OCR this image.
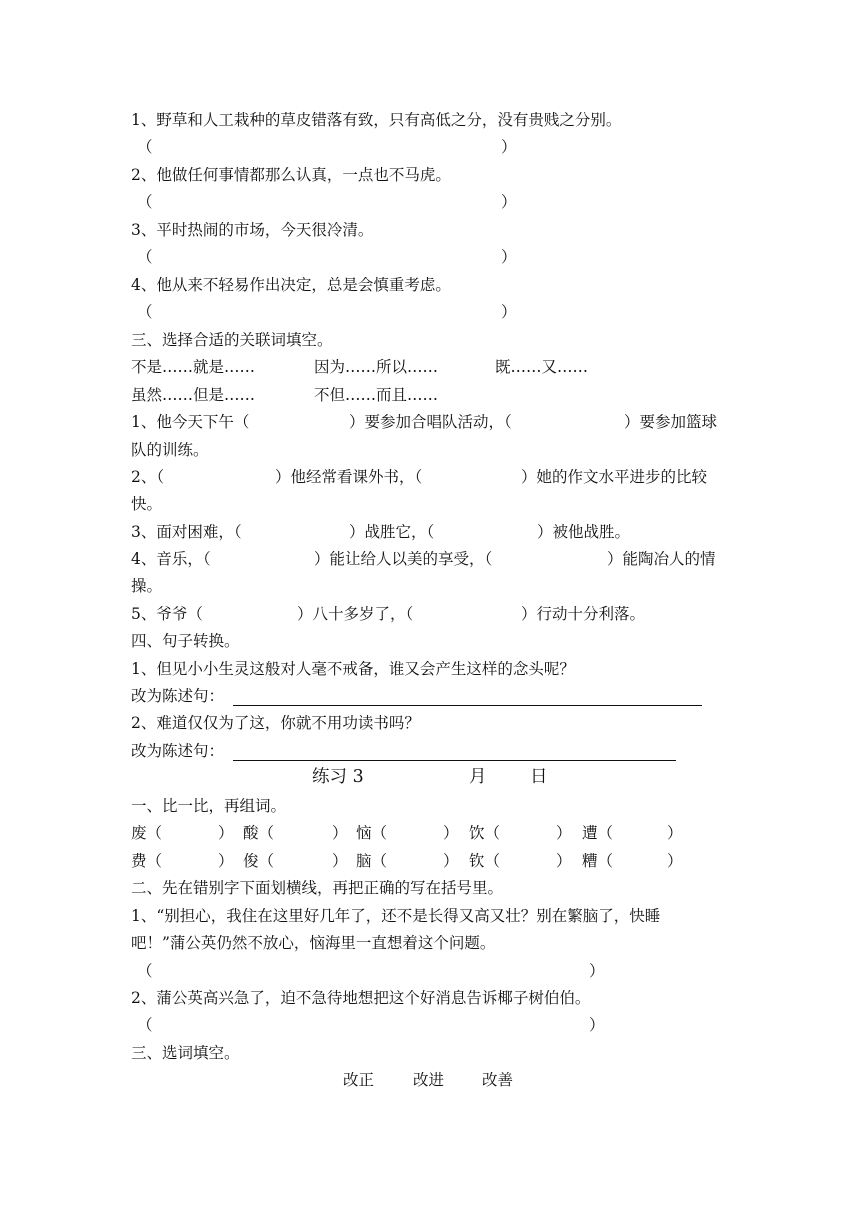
1、野草和人工栽种的草皮错落有致，只有高低之分，没有贵贱之分别。
（	）
2、他做任何事情都那么认真，一点也不马虎。
（	）
3、平时热闹的市场，今天很冷清。
（	）
4、他从来不轻易作出决定，总是会慎重考虑。
（	）
三、选择合适的关联词填空。
不是……就是……	因为……所以……	既……又……
虽然……但是……	不但……而且……
1、他今天下午（	）要参加合唱队活动，（	）要参加篮球
队的训练。
2、（	）他经常看课外书，（	）她的作文水平进步的比较
快。
3、面对困难，（	）战胜它，（	）被他战胜。
4、音乐，（	）能让给人以美的享受，（	）能陶冶人的情
操。
5、爷爷（	）八十多岁了，（	）行动十分利落。
四、句子转换。
1、但见小小生灵这般对人毫不戒备，谁又会产生这样的念头呢？
改为陈述句：
2、难道仅仅为了这，你就不用功读书吗？
改为陈述句：
练习 3	月 日
一、比一比，再组词。
废（	） 酸（	） 恼（	） 饮（	） 遭（	）
费（	） 俊（	） 脑（	） 钦（	） 糟（	）
二、先在错别字下面划横线，再把正确的写在括号里。
1、“别担心，我住在这里好几年了，还不是长得又高又壮？别在繁脑了，快睡
吧！”蒲公英仍然不放心，恼海里一直想着这个问题。
（	）
2、蒲公英高兴急了，迫不急待地想把这个好消息告诉椰子树伯伯。
（	）
三、选词填空。
改正	改进 改善
